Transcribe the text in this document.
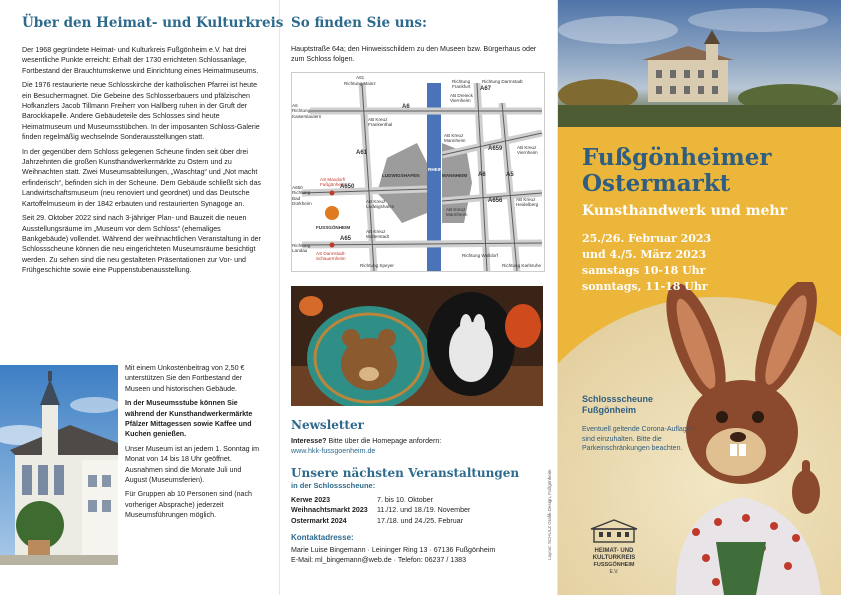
Über den Heimat- und Kulturkreis

Der 1968 gegründete Heimat- und Kulturkreis Fußgönheim e.V. hat drei wesentliche Punkte erreicht: Erhalt der 1730 errichteten Schlossanlage, Fortbestand der Brauchtumskerwe und Einrichtung eines Heimatmuseums.

Die 1976 restaurierte neue Schlosskirche der katholischen Pfarrei ist heute ein Besuchermagnet. Die Gebeine des Schlosserbauers und pfälzischen Hofkanzlers Jacob Tillmann Freiherr von Hallberg ruhen in der Gruft der Barockkapelle. Andere Gebäudeteile des Schlosses sind heute Heimatmuseum und Museumsstübchen. In der imposanten Schloss-Galerie finden regelmäßig wechselnde Sonderausstellungen statt.

In der gegenüber dem Schloss gelegenen Scheune finden seit über drei Jahrzehnten die großen Kunsthandwerkermärkte zu Ostern und zu Weihnachten statt. Zwei Museumsabteilungen, „Waschtag“ und „Not macht erfinderisch“, befinden sich in der Scheune. Dem Gebäude schließt sich das Landwirtschaftsmuseum (neu renoviert und geordnet) und das Deutsche Kartoffelmuseum in der 1842 erbauten und restaurierten Synagoge an.

Seit 29. Oktober 2022 sind nach 3-jähriger Plan- und Bauzeit die neuen Ausstellungsräume im „Museum vor dem Schloss“ (ehemaliges Bankgebäude) vollendet. Während der weihnachtlichen Veranstaltung in der Schlossscheune können die neu eingerichteten Museumsräume besichtigt werden. Zu sehen sind die neu gestalteten Präsentationen zur Vor- und Frühgeschichte sowie eine Puppenstubenausstellung.

Mit einem Unkostenbeitrag von 2,50 € unterstützen Sie den Fortbestand der Museen und historischen Gebäude.

In der Museumsstube können Sie während der Kunsthandwerkermärkte Pfälzer Mittagessen sowie Kaffee und Kuchen genießen.

Unser Museum ist an jedem 1. Sonntag im Monat von 14 bis 18 Uhr geöffnet. Ausnahmen sind die Monate Juli und August (Museumsferien).

Für Gruppen ab 10 Personen sind (nach vorheriger Absprache) jederzeit Museumsführungen möglich.

So finden Sie uns:
Hauptstraße 64a; den Hinweisschildern zu den Museen bzw. Bürgerhaus oder zum Schloss folgen.
A61
Richtung Mainz
A6
A6 Richtung Kaiserslautern
A67
Richtung Darmstadt
Richtung Frankfurt
AB Dreieck Viernheim
AB Kreuz Frankenthal
AB Kreuz Viernheim
A61
AB Kreuz Mannheim
A659
LUDWIGSHAFEN
RHEIN
MANNHEIM	A5
A6
AS Maxdorf/ Fußgönheim
A650 Richtung Bad Dürkheim
A650
AB Kreuz Ludwigshafen
AB Kreuz Mannheim
A656	AB Kreuz Heidelberg
FUSSGÖNHEIM
AB Kreuz Mutterstadt
A65
Richtung Landau
AS Dannstadt-Schauernheim
Richtung Speyer
Richtung Walldorf
Richtung Karlsruhe
Newsletter
Interesse? Bitte über die Homepage anfordern:
www.hkk-fussgoenheim.de
Unsere nächsten Veranstaltungen
in der Schlossscheune:
Kerwe 2023	7. bis 10. Oktober
Weihnachtsmarkt 2023	11./12. und 18./19. November
Ostermarkt 2024	17./18. und 24./25. Februar
Kontaktadresse:
Marie Luise Bingemann · Leininger Ring 13 · 67136 Fußgönheim
E-Mail: ml_bingemann@web.de · Telefon: 06237 / 1383
Layout: SCHULZ Grafik-Design, Fußgönheim
Fußgönheimer
Ostermarkt
Kunsthandwerk und mehr
25./26. Februar 2023
und 4./5. März 2023
samstags 10-18 Uhr
sonntags, 11-18 Uhr
Schlossscheune
Fußgönheim
Eventuell geltende Corona-Auflagen sind einzuhalten. Bitte die Parkeinschränkungen beachten.
HEIMAT- UND
KULTURKREIS
FUSSGÖNHEIM
E.V.
